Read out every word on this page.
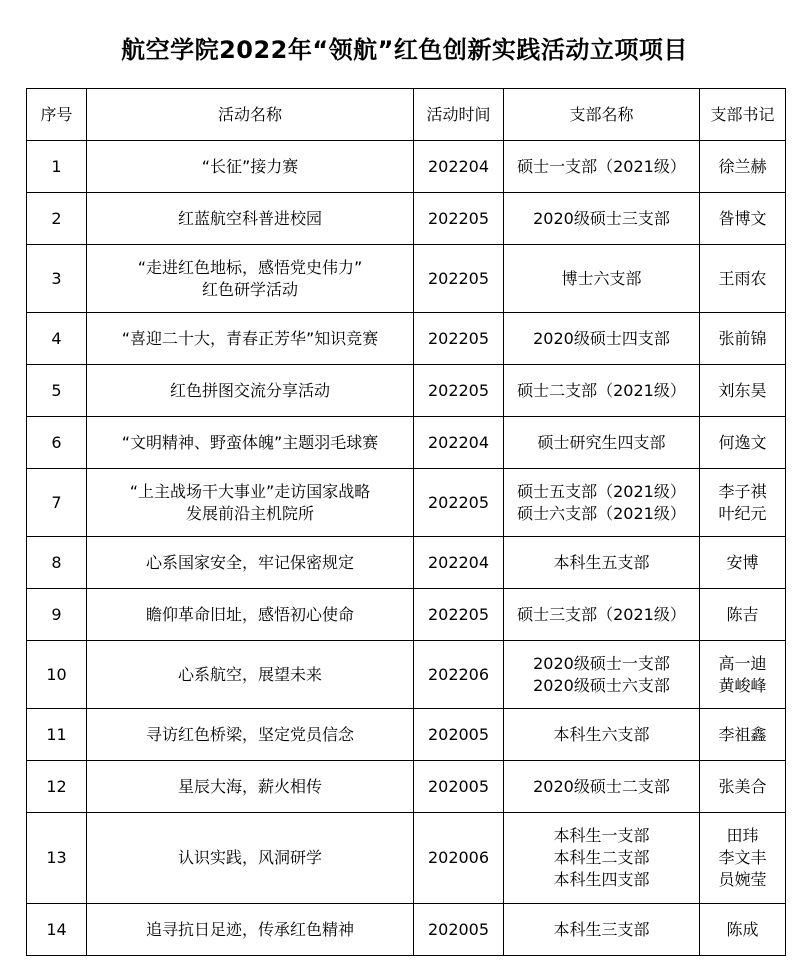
航空学院2022年“领航”红色创新实践活动立项项目
序号	活动名称	活动时间	支部名称	支部书记
1	“长征”接力赛	202204	硕士一支部（2021级）	徐兰赫

2	红蓝航空科普进校园	202205	2020级硕士三支部	昝博文

3	“走进红色地标，感悟党史伟力”
红色研学活动	202205	博士六支部	王雨农

4	“喜迎二十大，青春正芳华”知识竞赛	202205	2020级硕士四支部	张前锦

5	红色拼图交流分享活动	202205	硕士二支部（2021级）	刘东昊

6	“文明精神、野蛮体魄”主题羽毛球赛	202204	硕士研究生四支部	何逸文

7	“上主战场干大事业”走访国家战略
发展前沿主机院所	202205	硕士五支部（2021级）
硕士六支部（2021级）	李子祺
叶纪元

8	心系国家安全，牢记保密规定	202204	本科生五支部	安博

9	瞻仰革命旧址，感悟初心使命	202205	硕士三支部（2021级）	陈吉

10	心系航空，展望未来	202206	2020级硕士一支部
2020级硕士六支部	高一迪
黄峻峰

11	寻访红色桥梁，坚定党员信念	202005	本科生六支部	李祖鑫

12	星辰大海，薪火相传	202005	2020级硕士二支部	张美合

13	认识实践，风洞研学	202006	本科生一支部
本科生二支部
本科生四支部	田玮
李文丰
员婉莹

14	追寻抗日足迹，传承红色精神	202005	本科生三支部	陈成
